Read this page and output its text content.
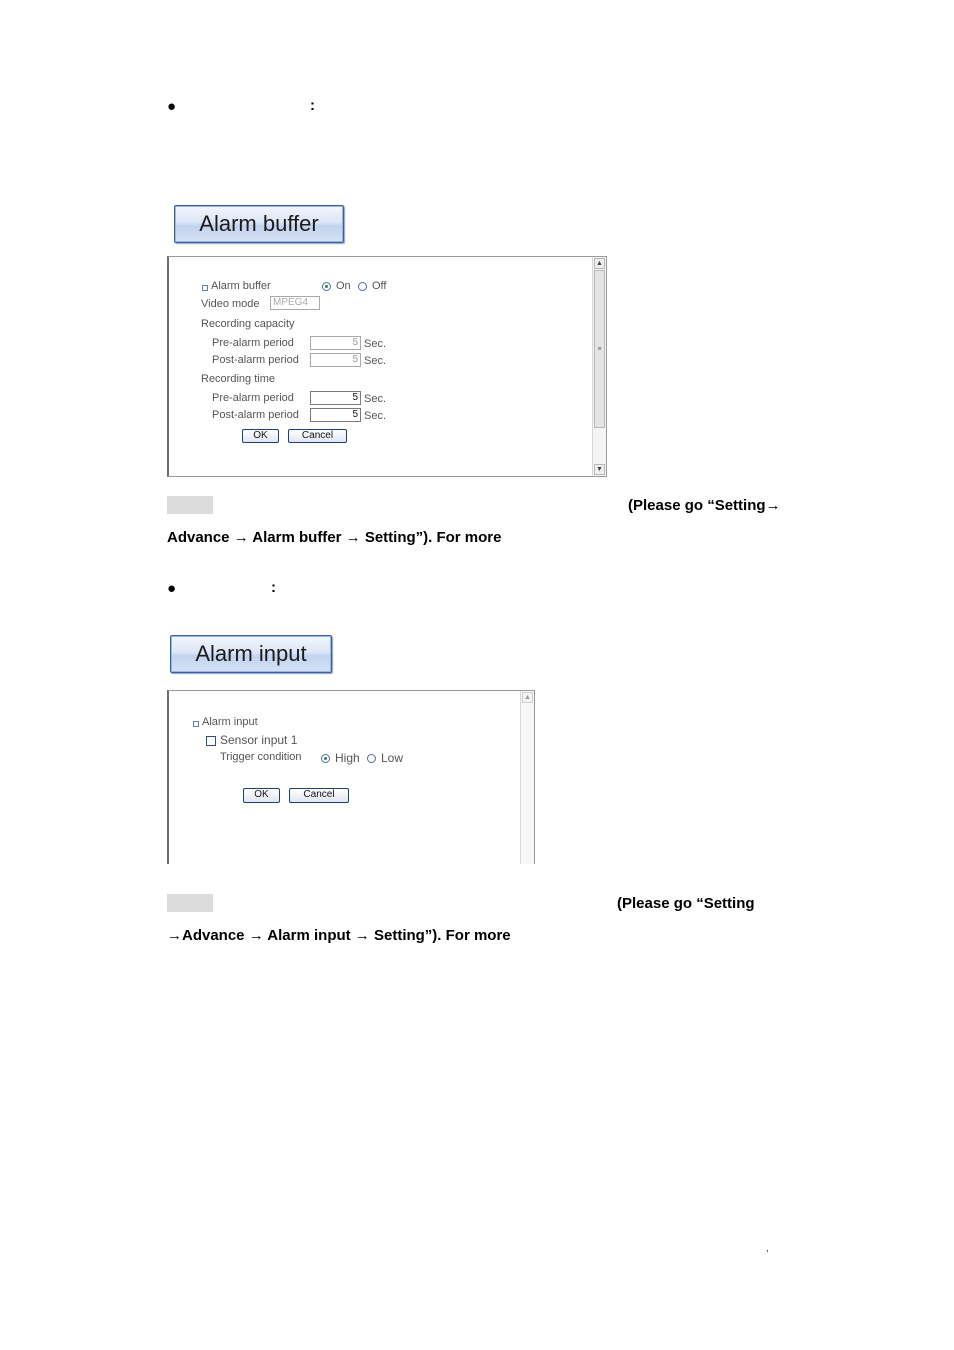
●	:
Alarm buffer
▲
≡
▼
Alarm buffer	On Off
Video mode	MPEG4
Recording capacity
Pre-alarm period	5 Sec.
Post-alarm period	5 Sec.
Recording time
Pre-alarm period	5 Sec.
Post-alarm period	5 Sec.
OK	Cancel
(Please go “Setting→
Advance → Alarm buffer → Setting”). For more
●	:
Alarm input
▲
Alarm input
Sensor input 1
Trigger condition	High Low
OK	Cancel
(Please go “Setting
→Advance → Alarm input → Setting”). For more
,
